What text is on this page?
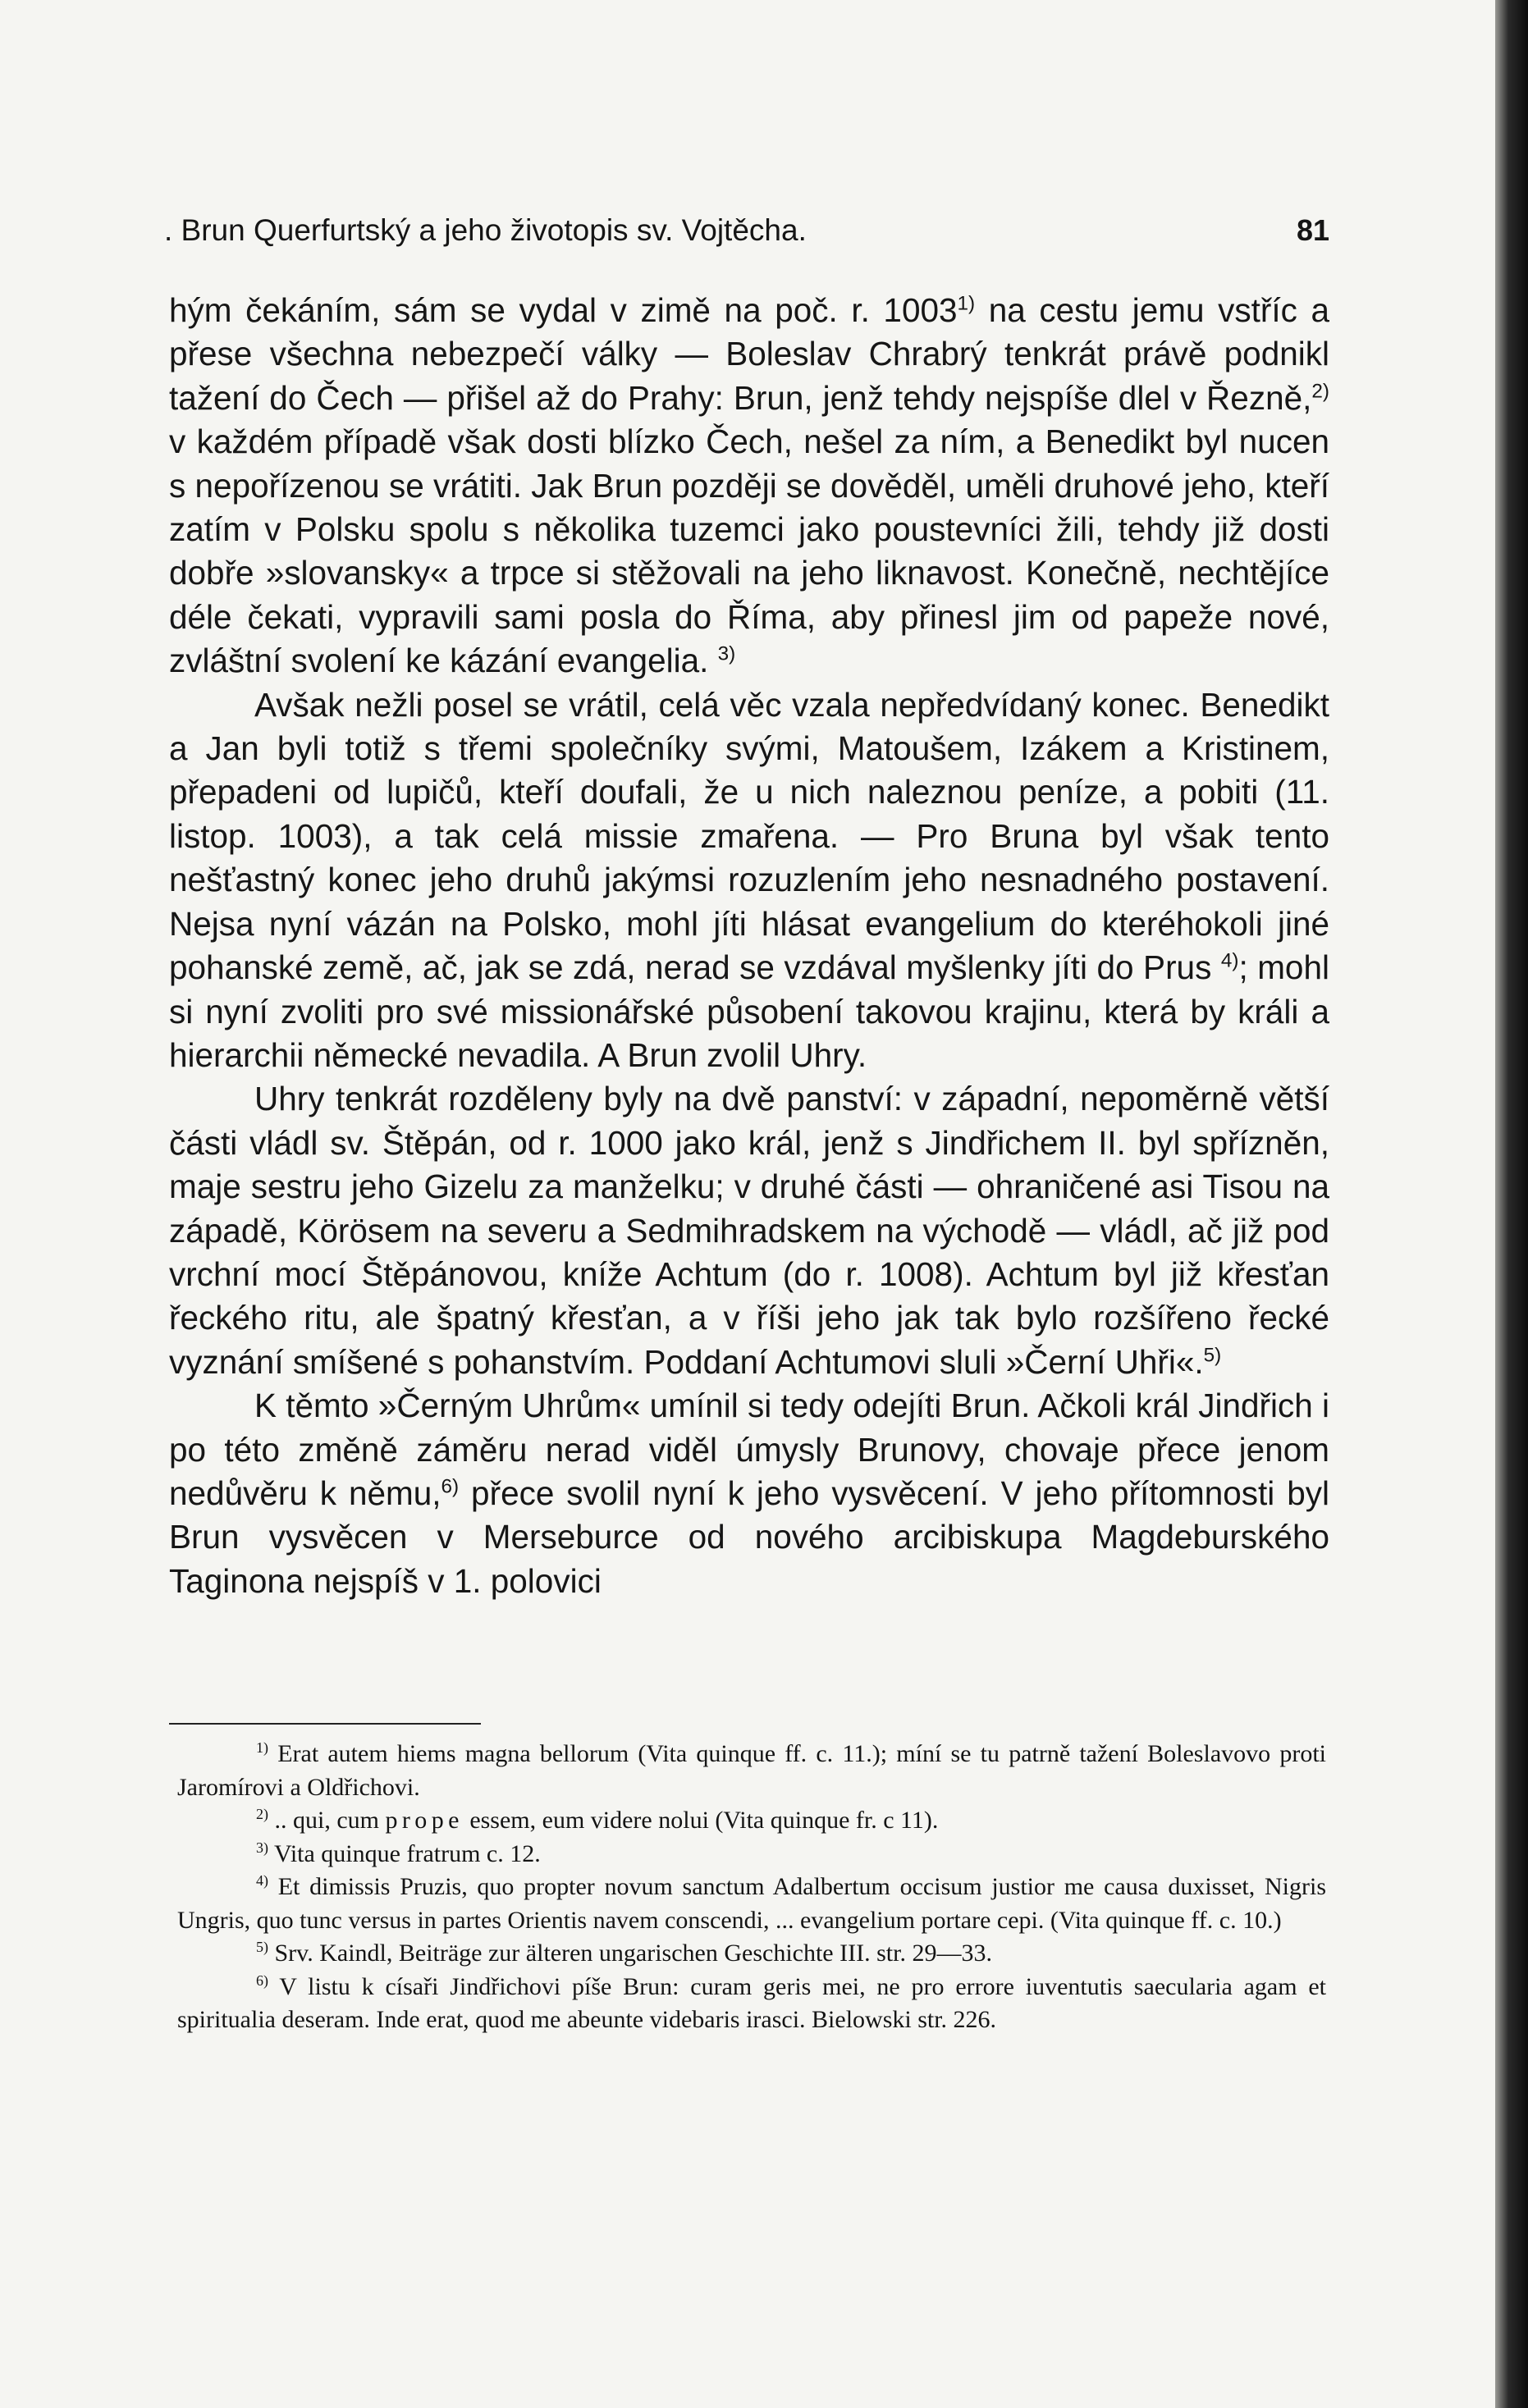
. Brun Querfurtský a jeho životopis sv. Vojtěcha.	81

hým čekáním, sám se vydal v zimě na poč. r. 1003$^{1)}$ na cestu jemu vstříc a přese všechna nebezpečí války — Boleslav Chrabrý tenkrát právě podnikl tažení do Čech — přišel až do Prahy: Brun, jenž tehdy nejspíše dlel v Řezně,$^{2)}$ v každém případě však dosti blízko Čech, nešel za ním, a Benedikt byl nucen s nepořízenou se vrátiti. Jak Brun později se dověděl, uměli druhové jeho, kteří zatím v Polsku spolu s několika tuzemci jako poustevníci žili, tehdy již dosti dobře »slovansky« a trpce si stěžovali na jeho liknavost. Konečně, nechtějíce déle čekati, vypravili sami posla do Říma, aby přinesl jim od papeže nové, zvláštní svolení ke kázání evangelia. $^{3)}$

Avšak nežli posel se vrátil, celá věc vzala nepředvídaný konec. Benedikt a Jan byli totiž s třemi společníky svými, Matoušem, Izákem a Kristinem, přepadeni od lupičů, kteří doufali, že u nich naleznou peníze, a pobiti (11. listop. 1003), a tak celá missie zmařena. — Pro Bruna byl však tento nešťastný konec jeho druhů jakýmsi rozuzlením jeho nesnadného postavení. Nejsa nyní vázán na Polsko, mohl jíti hlásat evangelium do kteréhokoli jiné pohanské země, ač, jak se zdá, nerad se vzdával myšlenky jíti do Prus $^{4)}$; mohl si nyní zvoliti pro své missionářské působení takovou krajinu, která by králi a hierarchii německé nevadila. A Brun zvolil Uhry.

Uhry tenkrát rozděleny byly na dvě panství: v západní, nepoměrně větší části vládl sv. Štěpán, od r. 1000 jako král, jenž s Jindřichem II. byl spřízněn, maje sestru jeho Gizelu za manželku; v druhé části — ohraničené asi Tisou na západě, Körösem na severu a Sedmihradskem na východě — vládl, ač již pod vrchní mocí Štěpánovou, kníže Achtum (do r. 1008). Achtum byl již křesťan řeckého ritu, ale špatný křesťan, a v říši jeho jak tak bylo rozšířeno řecké vyznání smíšené s pohanstvím. Poddaní Achtumovi sluli »Černí Uhři«.$^{5)}$

K těmto »Černým Uhrům« umínil si tedy odejíti Brun. Ačkoli král Jindřich i po této změně záměru nerad viděl úmysly Brunovy, chovaje přece jenom nedůvěru k němu,$^{6)}$ přece svolil nyní k jeho vysvěcení. V jeho přítomnosti byl Brun vysvěcen v Merseburce od nového arcibiskupa Magdeburského Taginona nejspíš v 1. polovici

$^{1)}$ Erat autem hiems magna bellorum (Vita quinque ff. c. 11.); míní se tu patrně tažení Boleslavovo proti Jaromírovi a Oldřichovi.

$^{2)}$ .. qui, cum prope essem, eum videre nolui (Vita quinque fr. c 11).

$^{3)}$ Vita quinque fratrum c. 12.

$^{4)}$ Et dimissis Pruzis, quo propter novum sanctum Adalbertum occisum justior me causa duxisset, Nigris Ungris, quo tunc versus in partes Orientis navem conscendi, ... evangelium portare cepi. (Vita quinque ff. c. 10.)

$^{5)}$ Srv. Kaindl, Beiträge zur älteren ungarischen Geschichte III. str. 29—33.

$^{6)}$ V listu k císaři Jindřichovi píše Brun: curam geris mei, ne pro errore iuventutis saecularia agam et spiritualia deseram. Inde erat, quod me abeunte videbaris irasci. Bielowski str. 226.
